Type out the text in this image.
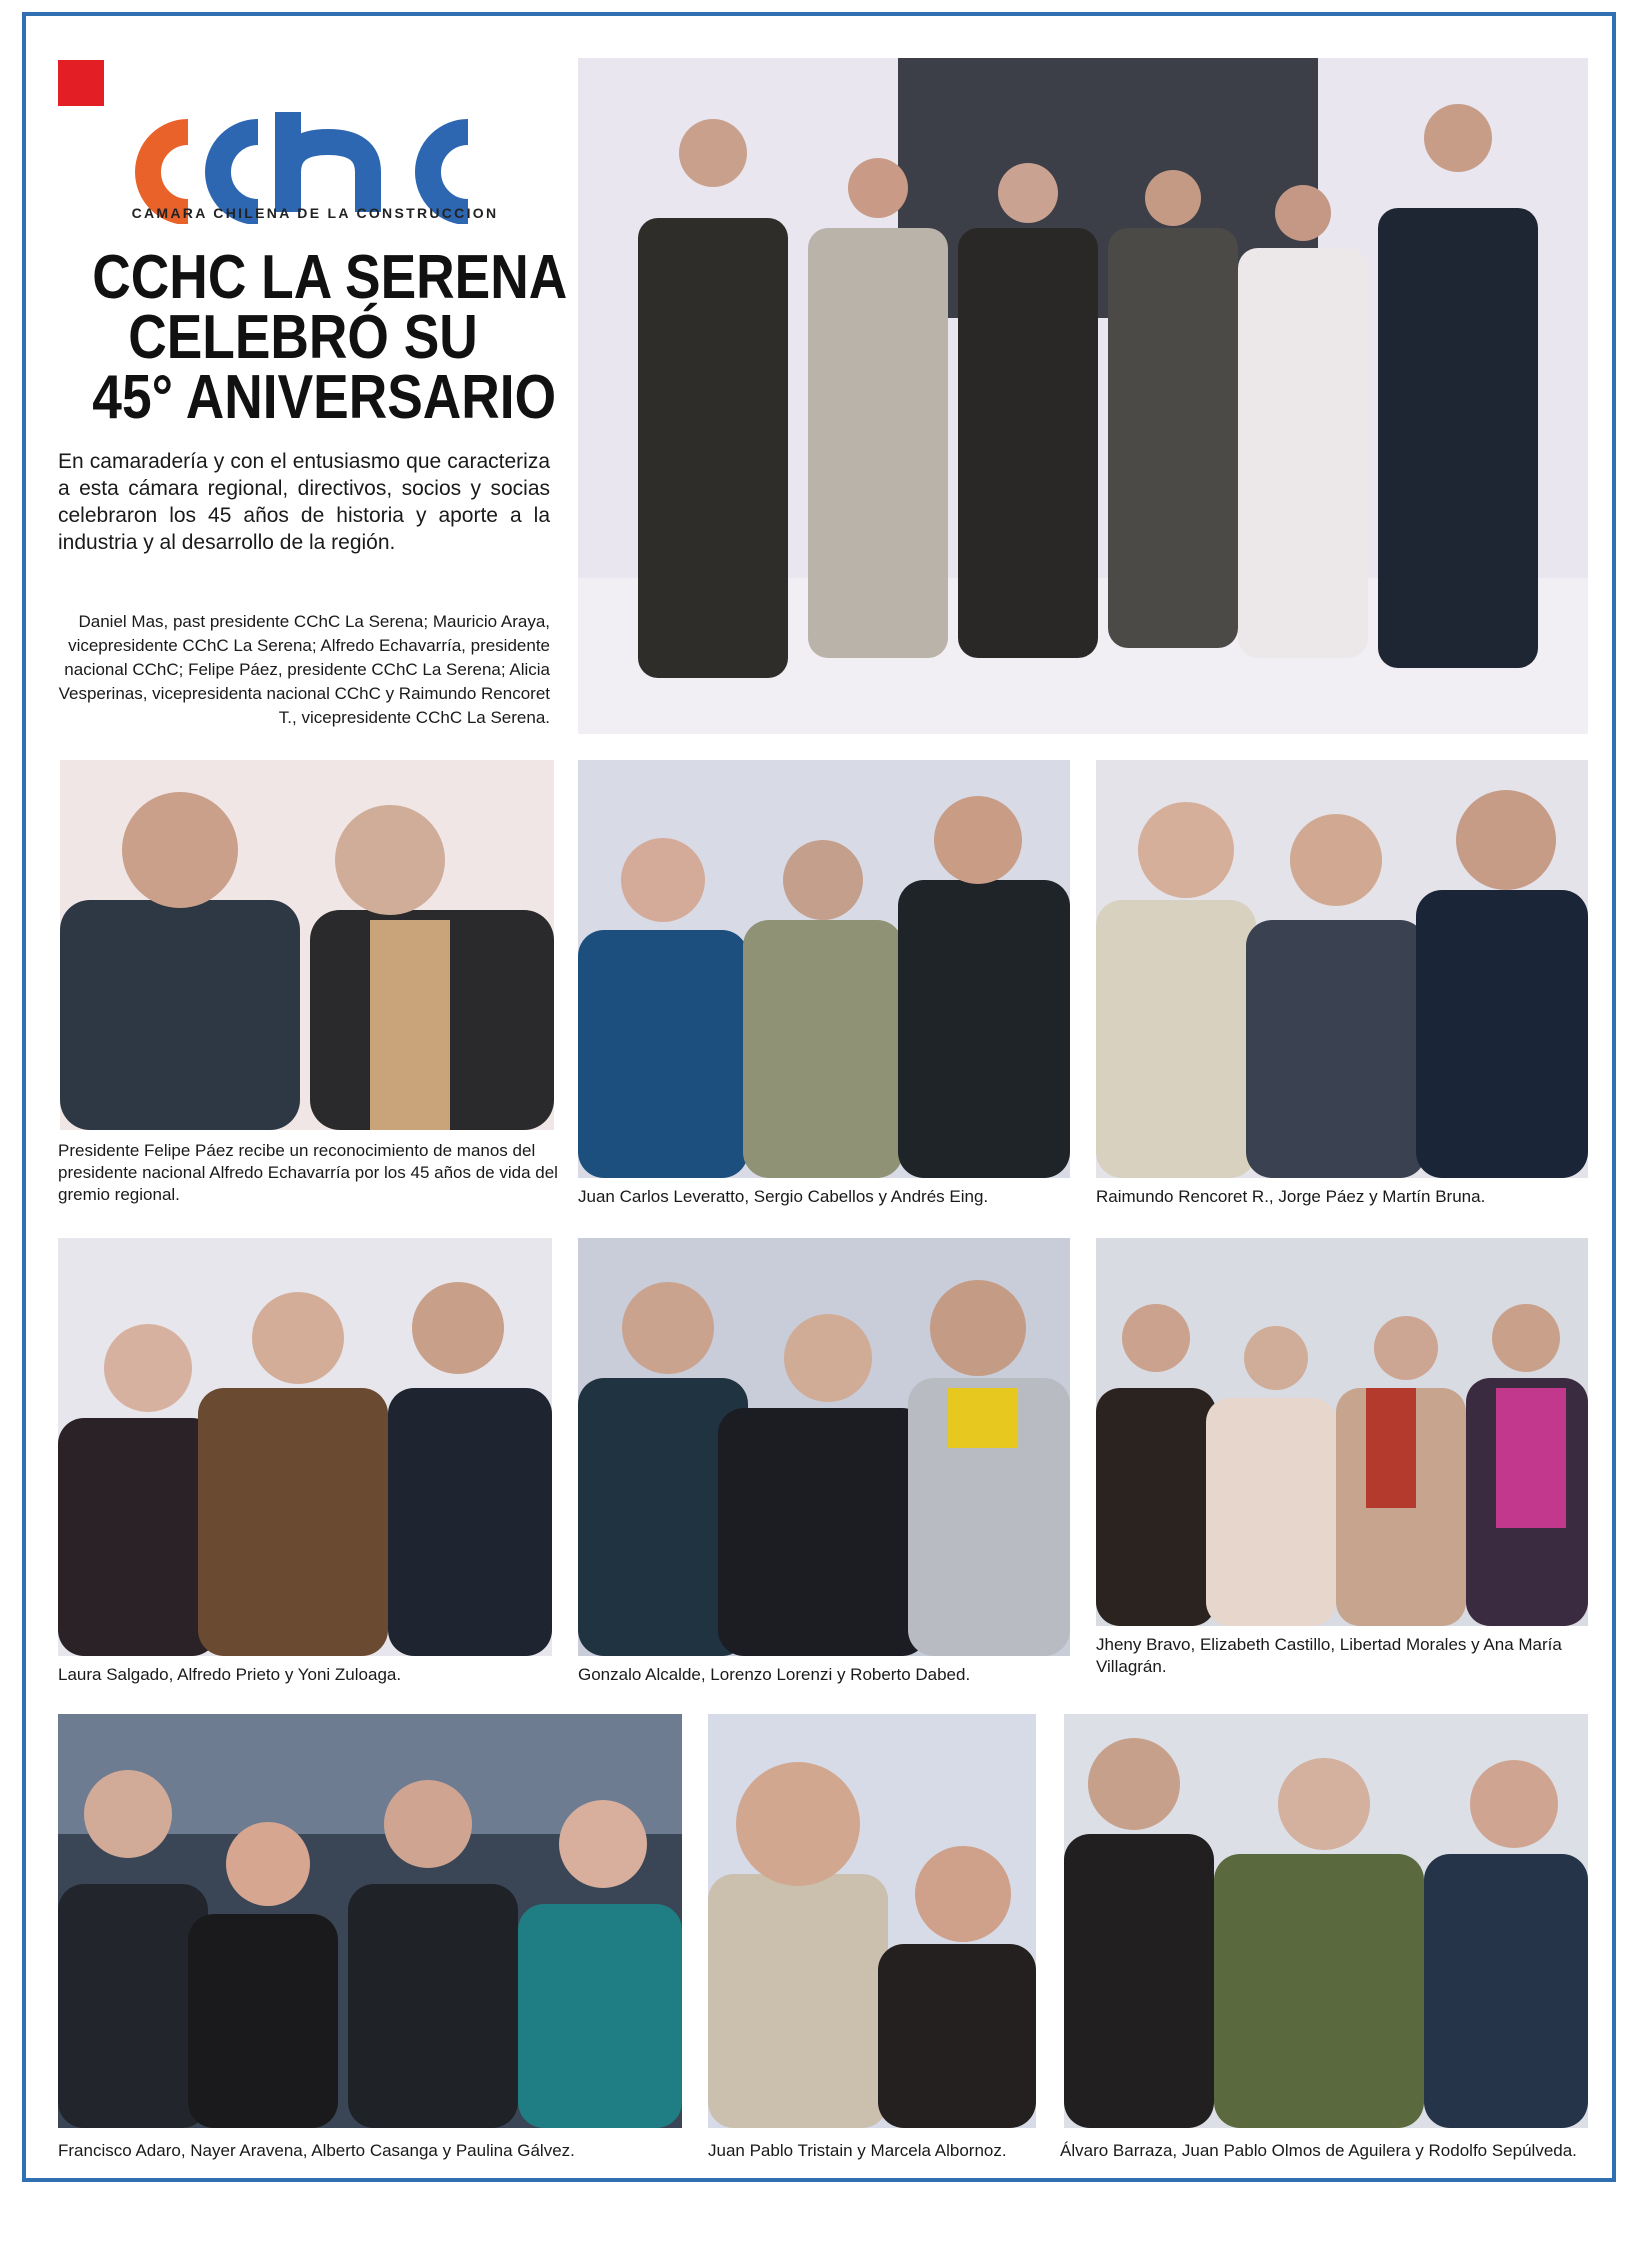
CAMARA CHILENA DE LA CONSTRUCCION
CCHC LA SERENA
CELEBRÓ SU
45° ANIVERSARIO
En camaradería y con el entusiasmo que caracteriza a esta cámara regional, directivos, socios y socias celebraron los 45 años de historia y aporte a la industria y al desarrollo de la región.
Daniel Mas, past presidente CChC La Serena; Mauricio Araya, vicepresidente CChC La Serena; Alfredo Echavarría, presidente nacional CChC; Felipe Páez, presidente CChC La Serena; Alicia Vesperinas, vicepresidenta nacional CChC y Raimundo Rencoret T., vicepresidente CChC La Serena.
Presidente Felipe Páez recibe un reconocimiento de manos del presidente nacional Alfredo Echavarría por los 45 años de vida del gremio regional.	Juan Carlos Leveratto, Sergio Cabellos y Andrés Eing.	Raimundo Rencoret R., Jorge Páez y Martín Bruna.
Laura Salgado, Alfredo Prieto y Yoni Zuloaga.	Gonzalo Alcalde, Lorenzo Lorenzi y Roberto Dabed.
Jheny Bravo, Elizabeth Castillo, Libertad Morales y Ana María Villagrán.
Francisco Adaro, Nayer Aravena, Alberto Casanga y Paulina Gálvez.	Juan Pablo Tristain y Marcela Albornoz.	Álvaro Barraza, Juan Pablo Olmos de Aguilera y Rodolfo Sepúlveda.
